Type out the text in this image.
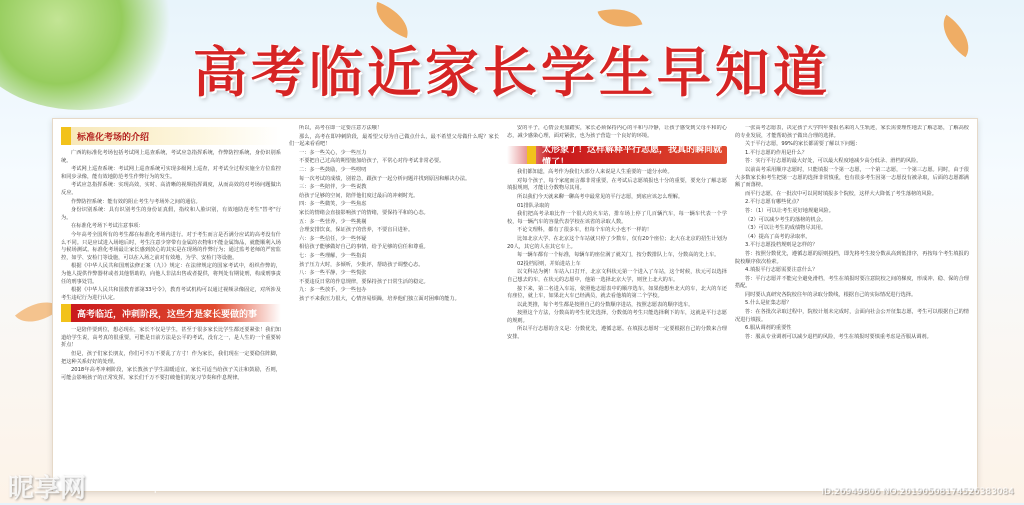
高考临近家长学生早知道
标准化考场的介绍

广西的标准化考场包括考试网上巡查系统，考试应急指挥系统，作弊防控系统，身份识别系统。

考试网上巡查系统：考试网上巡查系统可实现多级网上巡查，对考试全过程实施全方位监控和同步录像，能有效地防范考生作弊行为的发生。

考试应急指挥系统：实现高效，实时、高清晰的视频指挥调度，从而高效的对考场问题做出反应。

作弊防控系统：能有效的阻止考生与考场外之间的通信。

身份识别系统：具有识别考生的身份证真假，指纹和人脸识别，有效地防范考生"替考"行为。

在标准化考场下考试注意事项：

今年高考全国所有的考生都在标准化考场内进行。对于考生而言是否满分应试的高考没有什么不同。只是应试进入场地后时，考生注意少穿带有金属的衣物和不能金属饰品，就能顺利入场与候场测试。标准化考场最让家长感到放心的其实是在现场的作弊行为；通过监考老师的严密监控，如学、安检门等设施，可以在入场之前对有效地，为学、安检门等设施。

根据《中华人民共和国刑法修正案（九）》规定：在法律规定的国家考试中，组织作弊的，为他人提供作弊器材或者其他帮助的，向他人非法出售或者提供，将判处有期徒刑，构成刑事责任的刑事处罚。

根据《中华人民共和国教育部第33号令》，教育考试机构可以通过视频录像固定，对所涉及考生违纪行为进行认定。

高考临近，冲刺阶段，这些才是家长要做的事

一是陪伴要到位，想必现在，家长不仅是学生，甚至于很多家长比学生都还要紧张！我们知道给学生说，高考真的很重要，可能是日前方法是公平的考试，没有之一，是人生的一个重要转折点！

但是，孩子们家长朋友，你们可不万不要乱了方寸！作为家长，我们现在一定要稳住阵脚，把这种关系好好的处理。

2018年高考冲刺阶段，家长教孩子学生温暖适宜，家长可适当给孩子关注和鼓励，否则，可能会影响孩子的正常发挥。家长们千万不要打破他们的复习节奏和作息规律。

所以，高考在即一定要注意方法哦！

那么，高考在即冲刺阶段，最希望父母为自己做点什么，最不希望父母做什么呢？家长们一起来看看吧！

一：多一些关心，少一些压力

不要把自己过高的期望施加给孩子，平常心对待考试非常必要。

二：多一些鼓励，少一些唠叨

每一次考试的成绩，别着急，跟孩子一起分析问题并找到原因和解决办法。

三：多一些陪伴，少一些说教

给孩子足够的空间，陪伴他们度过最后的冲刺时光。

四：多一些微笑，少一些焦虑

家长的情绪会直接影响孩子的情绪，要保持平和的心态。

五：多一些营养，少一些挑剔

合理安排饮食，保证孩子的营养，不要盲目进补。

六：多一些信任，少一些怀疑

相信孩子能够做好自己的事情，给予足够的信任和尊重。

七：多一些理解，少一些指责

孩子压力大时，多倾听，少批评，帮助孩子调整心态。

八：多一些平静，少一些慌张

不要违反日常的作息规律，要保持孩子日常生活的稳定。

九：多一些放手，少一些包办

孩子不来我压力很大，心情容易烦躁，培养他们独立面对困难的能力。

安的平子，心情会更加踏实，家长必须保持内心的平和与冷静，让孩子感受到父母平和的心态，减少感染心理，面对紧张，也为孩子营造一个良好的环境。

太形象了！这样解释平行志愿，我真的瞬间就懂了！

我们都知道，高考作为我们大部分人来说是人生重要的一道分水岭。

对每个孩子，每个家庭而言都非常重要，在考试后志愿填报也十分的重要，要充分了解志愿填报规则，才能让分数物尽其用。

所以我们今天就来聊一聊高考中最常见的平行志愿，到底应该怎么理解。

01排队录取的

我们把高考录取比作一个很大的火车站，排车场上停了几百辆汽车，每一辆车代表一个学校，每一辆汽车的容量代表学校在该省的录取人数。

不论文理科，都有了很多车，但每个车的大小也不一样的！

比如北京大学、在北京这个车站就只停了少数车，仅有20个座位；北大在北京的招生计划为20人，其它的人在其它车上。

每一辆车都有一个标准，每辆车的座位满了就关门，按分数排队上车，分数高的先上车。

02投档原则，并始进站上车

以文科站为例！车站入口打开，北京文科状元第一个进入了车站，这个时候，状元可以选择自己想去的车，在状元的志愿中，他第一选择北京大学，则登上北大的车。

接下来，第二名进入车站，依照他志愿表中的顺序选车，如果他想坐北大的车，北大的车还有座位，就上车，如果北大车已经满员，就去看他填的第二个学校。

以此类推，每个考生都是按照自己的分数顺序进站，按照志愿表的顺序选车。

按照这个方法，分数高的考生优先选择，分数低的考生只能选择剩下的车，这就是平行志愿的规则。

所以平行志愿的含义是：分数优先，遵循志愿。在填报志愿时一定要根据自己的分数来合理安排。

一张高考志愿表，决定孩子大学四年要报名来的人生轨迹，家长需要理性地去了解志愿，了解高校的专业发展，才能帮助孩子做出合理的选择。

关于平行志愿，99%的家长都需要了解以下问题：

1.平行志愿的作用是什么？

答：实行平行志愿的最大好处，可以最大程度地减少高分低录、滑档的风险。

以前高考采用顺序志愿时，只能填报一个第一志愿，一个第二志愿，一个第三志愿。同时，由于很大多数家长和考生把第一志愿的选择非常慎重，也有很多考生因第一志愿没有被录取，后面的志愿都满额了而落榜。

而平行志愿，在一批次中可以同时填报多个院校，这样大大降低了考生落榜的风险。

2.平行志愿有哪些优点？

答：（1）可以让考生更好地规避风险。

（2）可以减少考生的落榜的机会。

（3）可以让考生的成绩物尽其用。

（4）提高了高考的录取率。

3.平行志愿投档规则是怎样的？

答：按照分数优先，遵循志愿的原则投档，即先将考生按分数从高到低排序，再按每个考生填报的院校顺序依次检索。

4.填报平行志愿需要注意什么？

答：平行志愿并不能完全避免滑档，考生在填报时要注意院校之间的梯度，形成冲、稳、保的合理搭配。

同时要认真研究各院校往年的录取分数线，根据自己的实际情况进行选择。

5.什么是征集志愿？

答：在各批次录取过程中，院校计划未完成时，会面向社会公开征集志愿，考生可以根据自己的情况进行填报。

6.服从调剂的重要性

答：服从专业调剂可以减少退档的风险，考生在填报时要慎重考虑是否服从调剂。

昵享网	www.nipic.cn	ID:26949806 NO:20190508174526383084
